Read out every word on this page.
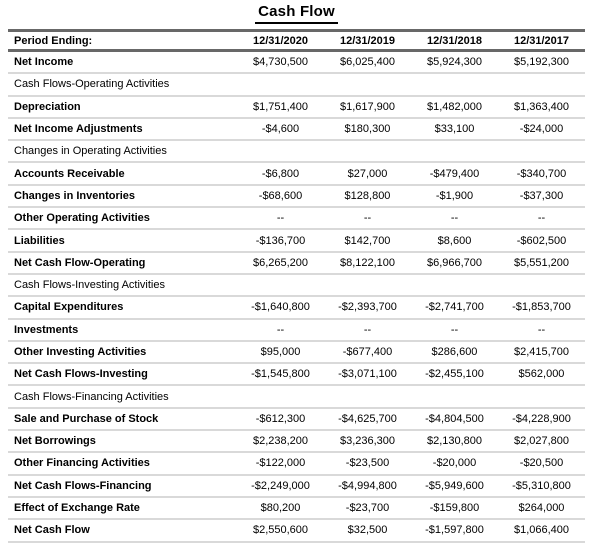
Cash Flow
Period Ending:	12/31/2020	12/31/2019	12/31/2018	12/31/2017
Net Income	$4,730,500	$6,025,400	$5,924,300	$5,192,300
Cash Flows-Operating Activities				
Depreciation	$1,751,400	$1,617,900	$1,482,000	$1,363,400
Net Income Adjustments	-$4,600	$180,300	$33,100	-$24,000
Changes in Operating Activities				
Accounts Receivable	-$6,800	$27,000	-$479,400	-$340,700
Changes in Inventories	-$68,600	$128,800	-$1,900	-$37,300
Other Operating Activities	--	--	--	--
Liabilities	-$136,700	$142,700	$8,600	-$602,500
Net Cash Flow-Operating	$6,265,200	$8,122,100	$6,966,700	$5,551,200
Cash Flows-Investing Activities				
Capital Expenditures	-$1,640,800	-$2,393,700	-$2,741,700	-$1,853,700
Investments	--	--	--	--
Other Investing Activities	$95,000	-$677,400	$286,600	$2,415,700
Net Cash Flows-Investing	-$1,545,800	-$3,071,100	-$2,455,100	$562,000
Cash Flows-Financing Activities				
Sale and Purchase of Stock	-$612,300	-$4,625,700	-$4,804,500	-$4,228,900
Net Borrowings	$2,238,200	$3,236,300	$2,130,800	$2,027,800
Other Financing Activities	-$122,000	-$23,500	-$20,000	-$20,500
Net Cash Flows-Financing	-$2,249,000	-$4,994,800	-$5,949,600	-$5,310,800
Effect of Exchange Rate	$80,200	-$23,700	-$159,800	$264,000
Net Cash Flow	$2,550,600	$32,500	-$1,597,800	$1,066,400
